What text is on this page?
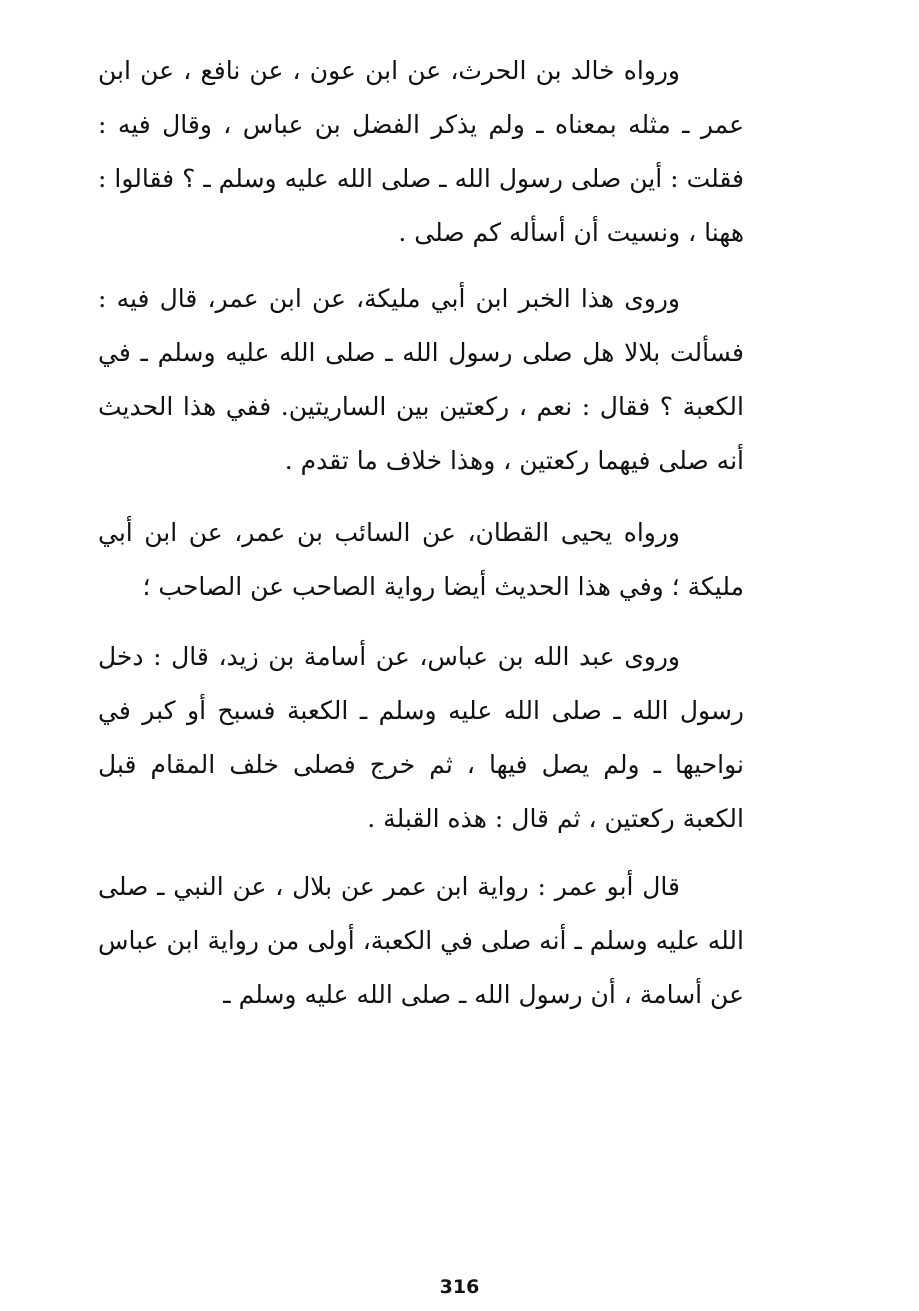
ورواه خالد بن الحرث، عن ابن عون ، عن نافع ، عن ابن عمر ـ مثله بمعناه ـ ولم يذكر الفضل بن عباس ، وقال فيه : فقلت : أين صلى رسول الله ـ صلى الله عليه وسلم ـ ؟ فقالوا : ههنا ، ونسيت أن أسأله كم صلى .

وروى هذا الخبر ابن أبي مليكة، عن ابن عمر، قال فيه : فسألت بلالا هل صلى رسول الله ـ صلى الله عليه وسلم ـ في الكعبة ؟ فقال : نعم ، ركعتين بين الساريتين. ففي هذا الحديث أنه صلى فيهما ركعتين ، وهذا خلاف ما تقدم .

ورواه يحيى القطان، عن السائب بن عمر، عن ابن أبي مليكة ؛ وفي هذا الحديث أيضا رواية الصاحب عن الصاحب ؛

وروى عبد الله بن عباس، عن أسامة بن زيد، قال : دخل رسول الله ـ صلى الله عليه وسلم ـ الكعبة فسبح أو كبر في نواحيها ـ ولم يصل فيها ، ثم خرج فصلى خلف المقام قبل الكعبة ركعتين ، ثم قال : هذه القبلة .

قال أبو عمر : رواية ابن عمر عن بلال ، عن النبي ـ صلى الله عليه وسلم ـ أنه صلى في الكعبة، أولى من رواية ابن عباس عن أسامة ، أن رسول الله ـ صلى الله عليه وسلم ـ

316
